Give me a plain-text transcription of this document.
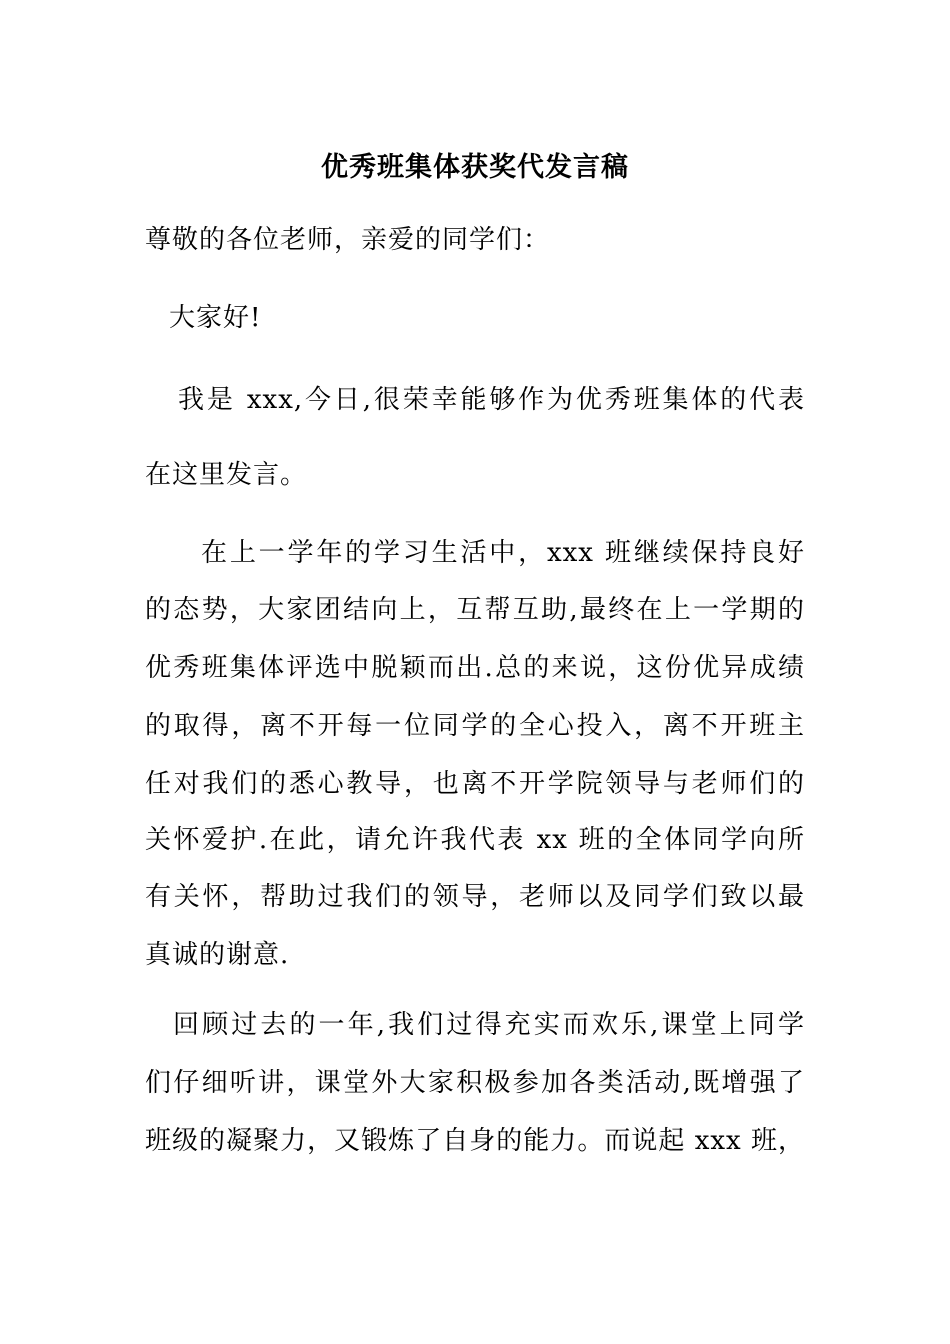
优秀班集体获奖代发言稿
尊敬的各位老师，亲爱的同学们：
大家好!
我是 xxx,今日,很荣幸能够作为优秀班集体的代表
在这里发言。
在上一学年的学习生活中，xxx 班继续保持良好
的态势，大家团结向上，互帮互助,最终在上一学期的
优秀班集体评选中脱颖而出.总的来说，这份优异成绩
的取得，离不开每一位同学的全心投入，离不开班主
任对我们的悉心教导，也离不开学院领导与老师们的
关怀爱护.在此，请允许我代表 xx 班的全体同学向所
有关怀，帮助过我们的领导，老师以及同学们致以最
真诚的谢意.
回顾过去的一年,我们过得充实而欢乐,课堂上同学
们仔细听讲，课堂外大家积极参加各类活动,既增强了
班级的凝聚力，又锻炼了自身的能力。而说起 xxx 班，
